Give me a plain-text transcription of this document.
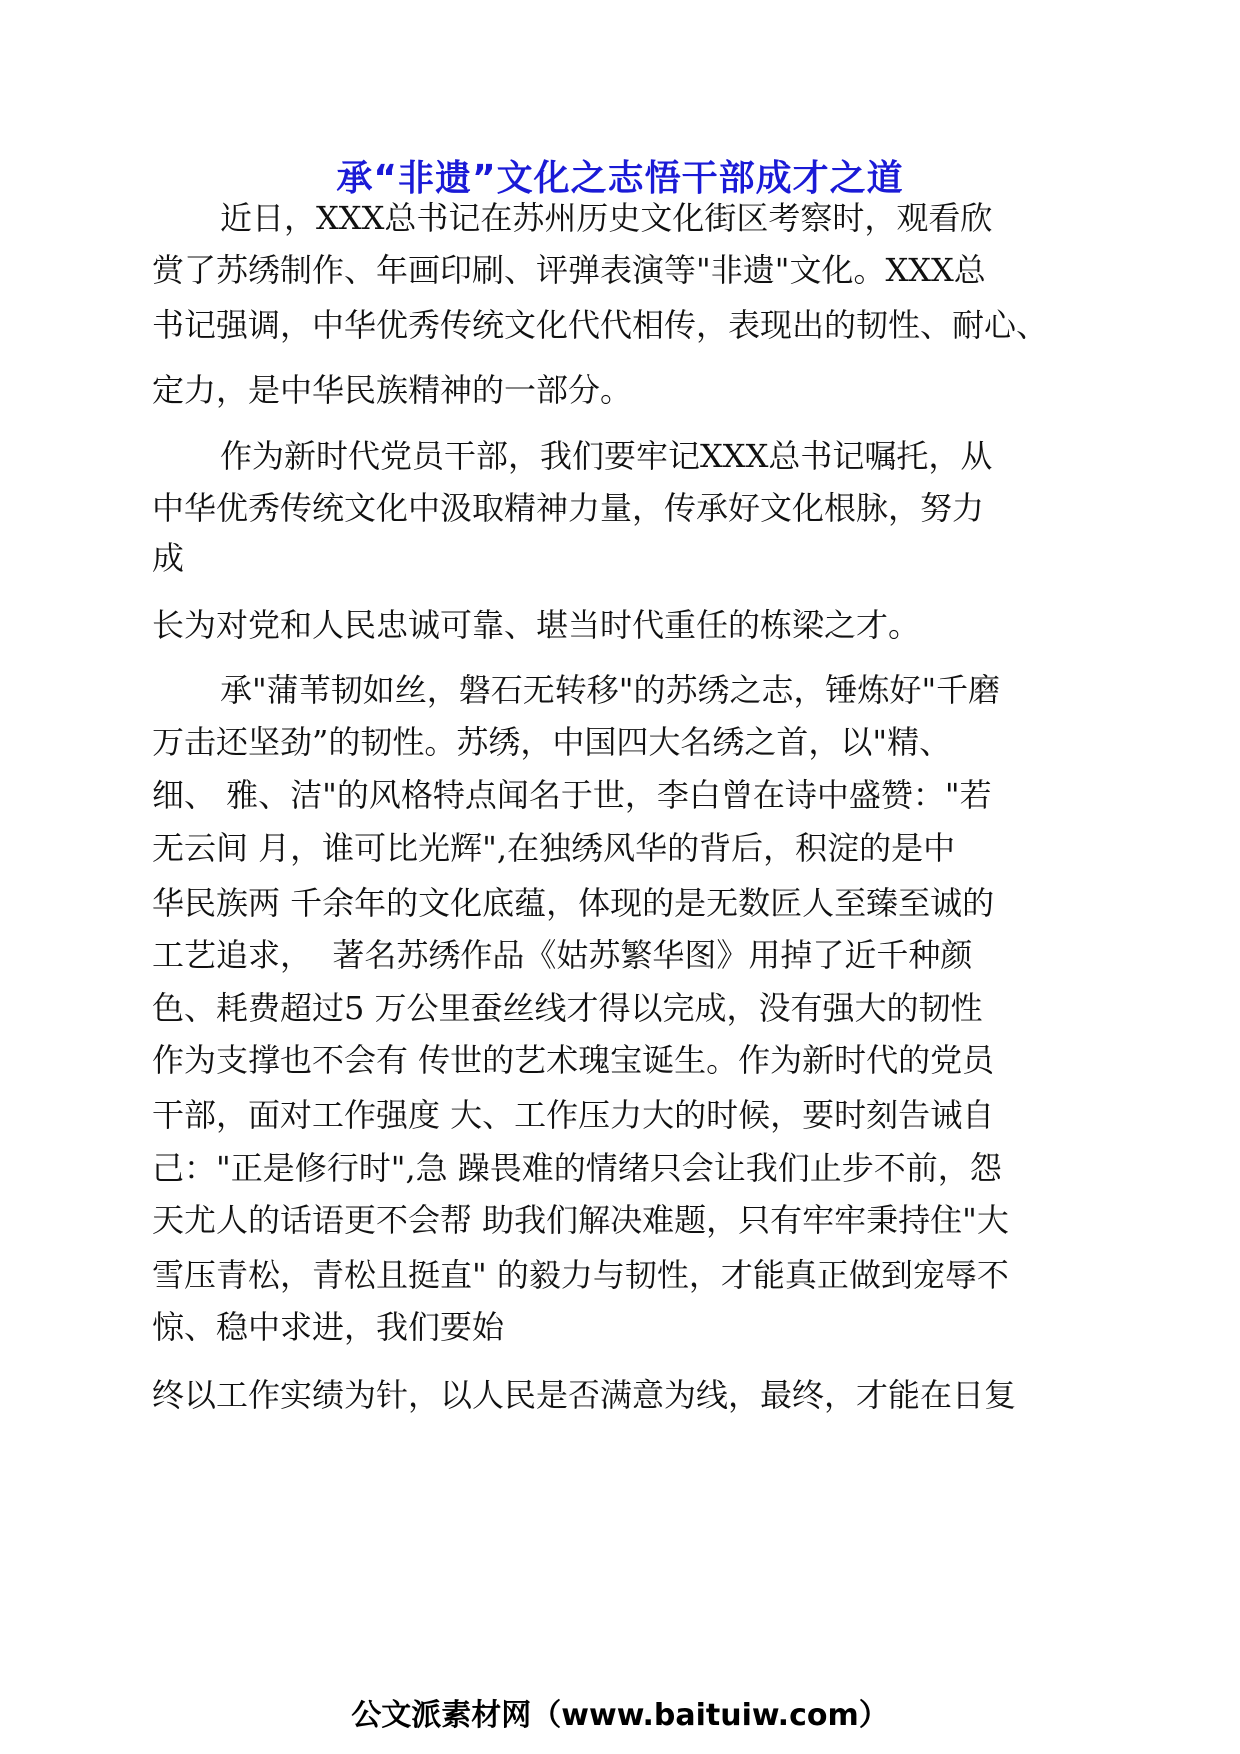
承“非遗”文化之志悟干部成才之道
近日，XXX总书记在苏州历史文化街区考察时，观看欣
赏了苏绣制作、年画印刷、评弹表演等"非遗"文化。XXX总
书记强调，中华优秀传统文化代代相传，表现出的韧性、耐心、
定力，是中华民族精神的一部分。
作为新时代党员干部，我们要牢记XXX总书记嘱托，从
中华优秀传统文化中汲取精神力量，传承好文化根脉，努力
成
长为对党和人民忠诚可靠、堪当时代重任的栋梁之才。
承"蒲苇韧如丝，磐石无转移"的苏绣之志，锤炼好"千磨
万击还坚劲”的韧性。苏绣，中国四大名绣之首，以"精、
细、 雅、洁"的风格特点闻名于世，李白曾在诗中盛赞："若
无云间 月，谁可比光辉",在独绣风华的背后，积淀的是中
华民族两 千余年的文化底蕴，体现的是无数匠人至臻至诚的
工艺追求，  著名苏绣作品《姑苏繁华图》用掉了近千种颜
色、耗费超过5 万公里蚕丝线才得以完成，没有强大的韧性
作为支撑也不会有 传世的艺术瑰宝诞生。作为新时代的党员
干部，面对工作强度 大、工作压力大的时候，要时刻告诫自
己："正是修行时",急 躁畏难的情绪只会让我们止步不前，怨
天尤人的话语更不会帮 助我们解决难题，只有牢牢秉持住"大
雪压青松，青松且挺直" 的毅力与韧性，才能真正做到宠辱不
惊、稳中求进，我们要始
终以工作实绩为针，以人民是否满意为线，最终，才能在日复
公文派素材网（www.baituiw.com）
